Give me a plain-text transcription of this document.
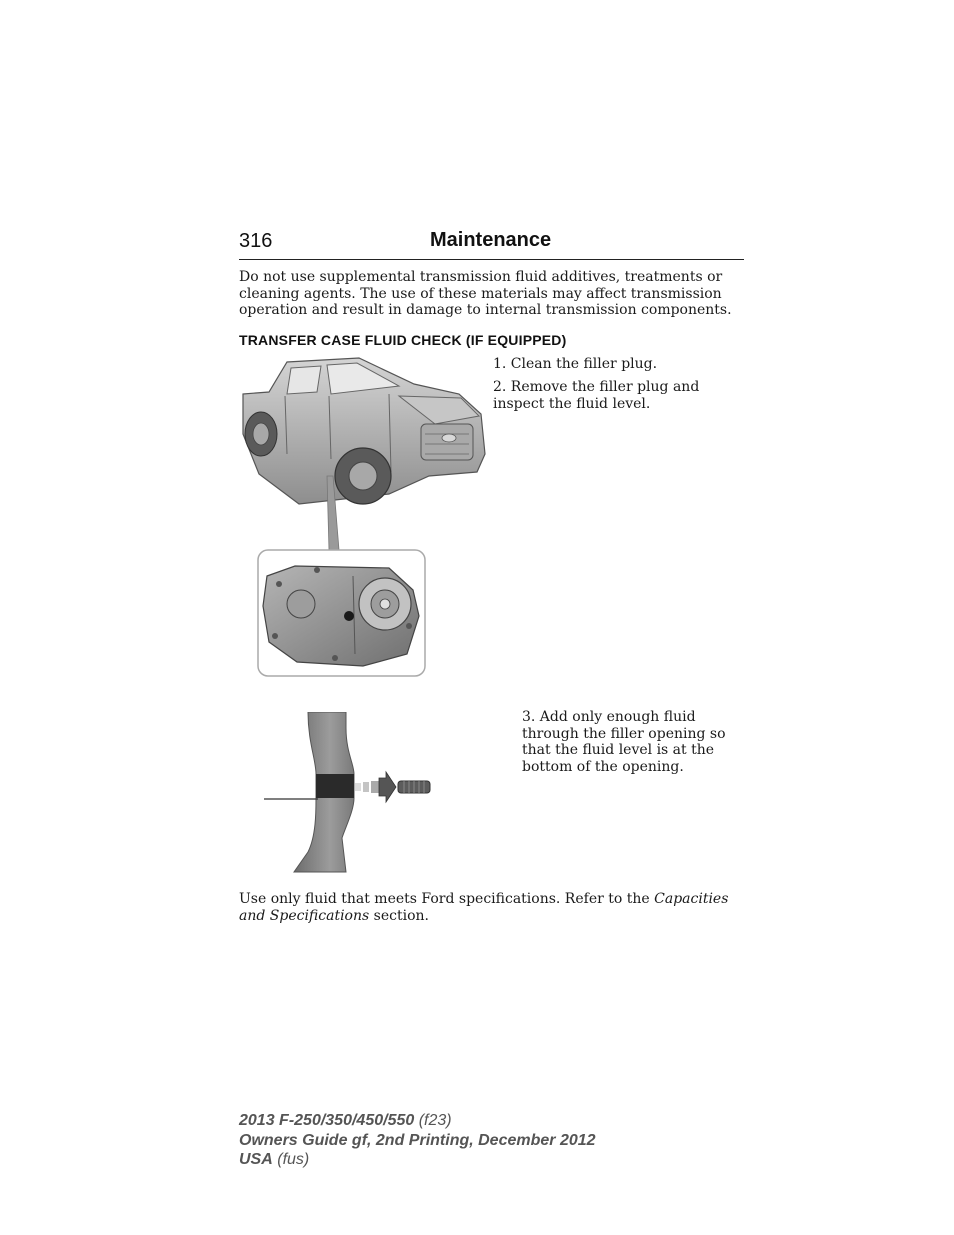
316	Maintenance

Do not use supplemental transmission fluid additives, treatments or cleaning agents. The use of these materials may affect transmission operation and result in damage to internal transmission components.

TRANSFER CASE FLUID CHECK (IF EQUIPPED)

1. Clean the filler plug.

2. Remove the filler plug and inspect the fluid level.

3. Add only enough fluid through the filler opening so that the fluid level is at the bottom of the opening.

Use only fluid that meets Ford specifications. Refer to the Capacities and Specifications section.

2013 F-250/350/450/550 (f23)
Owners Guide gf, 2nd Printing, December 2012
USA (fus)
